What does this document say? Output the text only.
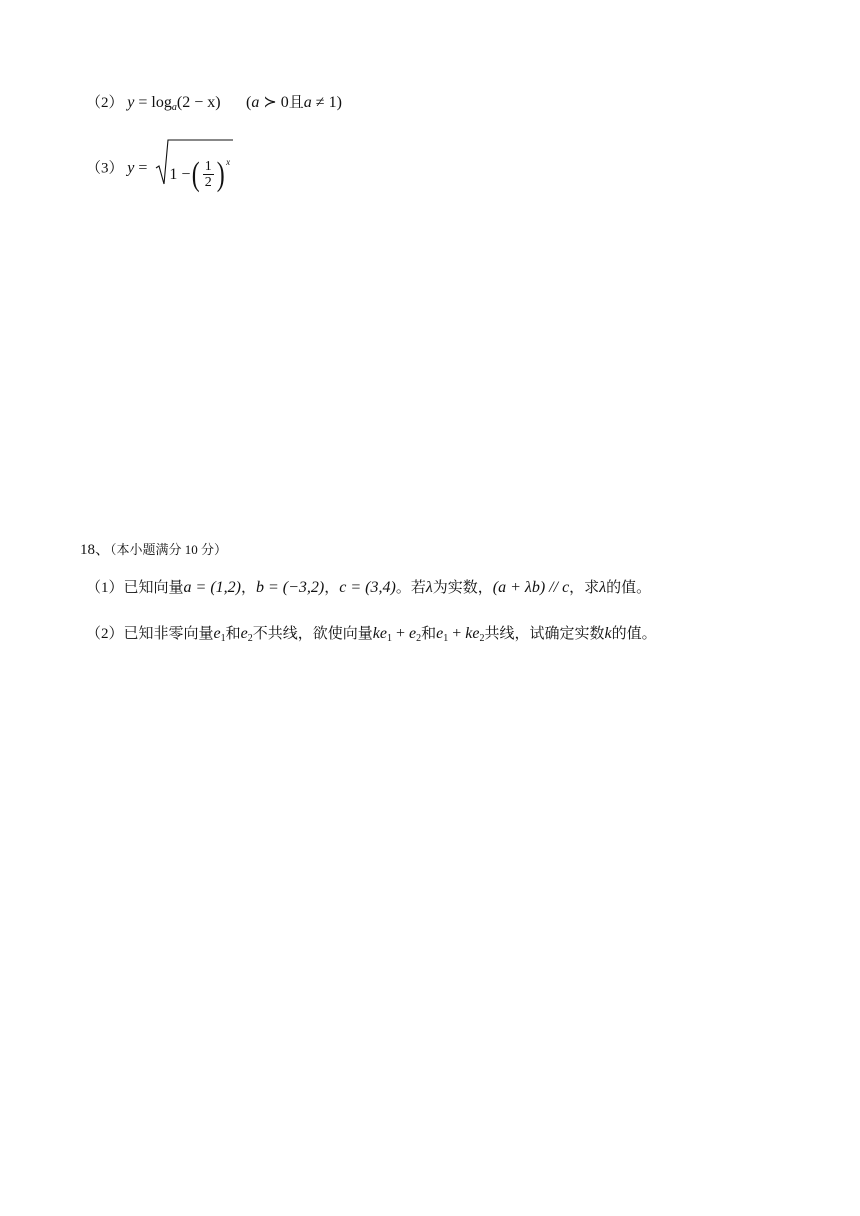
（2） $y = \log_a(2 - x)$ (a ≻ 0且a ≠ 1)
（3） y =
1 −( $\frac{1}{2}$ ) $^x$
18、（本小题满分 10 分）
（1）已知向量a = (1,2)，b = (−3,2)，c = (3,4)。若λ为实数，(a + λb) // c，求λ的值。
（2）已知非零向量$e_1$和$e_2$不共线，欲使向量$ke_1 + e_2$和$e_1 + ke_2$共线，试确定实数k的值。
